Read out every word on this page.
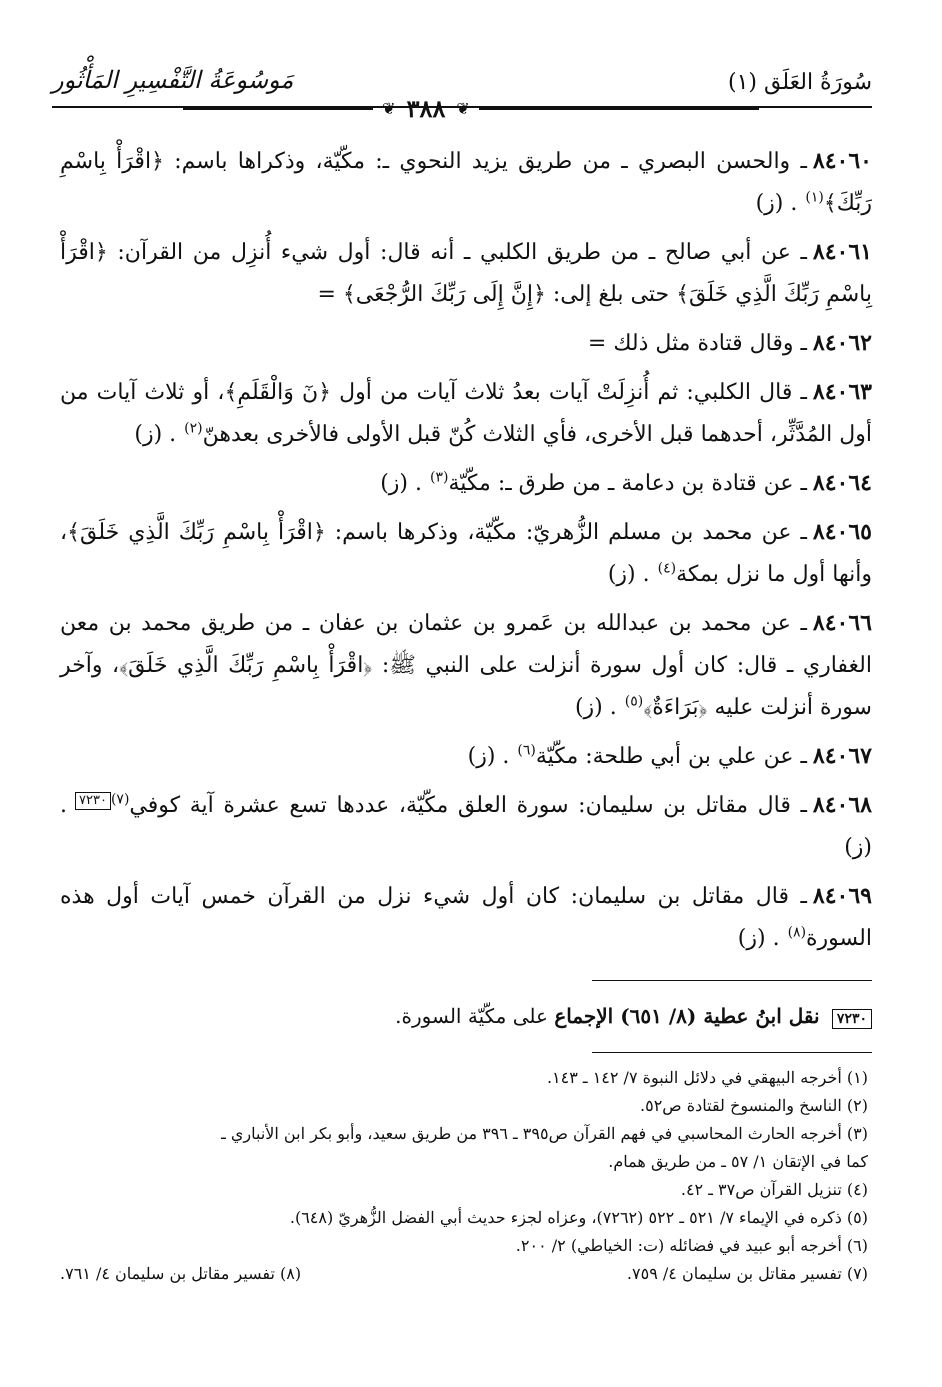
سُورَةُ العَلَق (١)
مَوسُوعَةُ التَّفْسِيرِ المَأْثُور
❦ ٣٨٨ ❦
٨٤٠٦٠ـ والحسن البصري ـ من طريق يزيد النحوي ـ: مكّيّة، وذكراها باسم: ﴿اقْرَأْ بِاسْمِ رَبِّكَ﴾$^{(١)}$. (ز)
٨٤٠٦١ـ عن أبي صالح ـ من طريق الكلبي ـ أنه قال: أول شيء أُنزِل من القرآن: ﴿اقْرَأْ بِاسْمِ رَبِّكَ الَّذِي خَلَقَ﴾ حتى بلغ إلى: ﴿إِنَّ إِلَى رَبِّكَ الرُّجْعَى﴾ =
٨٤٠٦٢ـ وقال قتادة مثل ذلك =
٨٤٠٦٣ـ قال الكلبي: ثم أُنزِلَتْ آيات بعدُ ثلاث آيات من أول ﴿نٓ وَالْقَلَمِ﴾، أو ثلاث آيات من أول المُدَّثِّر، أحدهما قبل الأخرى، فأي الثلاث كُنّ قبل الأولى فالأخرى بعدهنّ$^{(٢)}$. (ز)
٨٤٠٦٤ـ عن قتادة بن دعامة ـ من طرق ـ: مكّيّة$^{(٣)}$. (ز)
٨٤٠٦٥ـ عن محمد بن مسلم الزُّهريّ: مكّيّة، وذكرها باسم: ﴿اقْرَأْ بِاسْمِ رَبِّكَ الَّذِي خَلَقَ﴾، وأنها أول ما نزل بمكة$^{(٤)}$. (ز)
٨٤٠٦٦ـ عن محمد بن عبدالله بن عَمرو بن عثمان بن عفان ـ من طريق محمد بن معن الغفاري ـ قال: كان أول سورة أنزلت على النبي ﷺ: ﴿اقْرَأْ بِاسْمِ رَبِّكَ الَّذِي خَلَقَ﴾، وآخر سورة أنزلت عليه ﴿بَرَاءَةٌ﴾$^{(٥)}$. (ز)
٨٤٠٦٧ـ عن علي بن أبي طلحة: مكّيّة$^{(٦)}$. (ز)
٨٤٠٦٨ـ قال مقاتل بن سليمان: سورة العلق مكّيّة، عددها تسع عشرة آية كوفي$^{(٧)}$٧٢٣٠. (ز)
٨٤٠٦٩ـ قال مقاتل بن سليمان: كان أول شيء نزل من القرآن خمس آيات أول هذه السورة$^{(٨)}$. (ز)
٧٢٣٠ نقل ابنُ عطية (٨/ ٦٥١) الإجماع على مكّيّة السورة.
(١) أخرجه البيهقي في دلائل النبوة ٧/ ١٤٢ ـ ١٤٣.
(٢) الناسخ والمنسوخ لقتادة ص٥٢.
(٣) أخرجه الحارث المحاسبي في فهم القرآن ص٣٩٥ ـ ٣٩٦ من طريق سعيد، وأبو بكر ابن الأنباري ـ
كما في الإتقان ١/ ٥٧ ـ من طريق همام.
(٤) تنزيل القرآن ص٣٧ ـ ٤٢.
(٥) ذكره في الإيماء ٧/ ٥٢١ ـ ٥٢٢ (٧٢٦٢)، وعزاه لجزء حديث أبي الفضل الزُّهريّ (٦٤٨).
(٦) أخرجه أبو عبيد في فضائله (ت: الخياطي) ٢/ ٢٠٠.
(٧) تفسير مقاتل بن سليمان ٤/ ٧٥٩.
(٨) تفسير مقاتل بن سليمان ٤/ ٧٦١.
